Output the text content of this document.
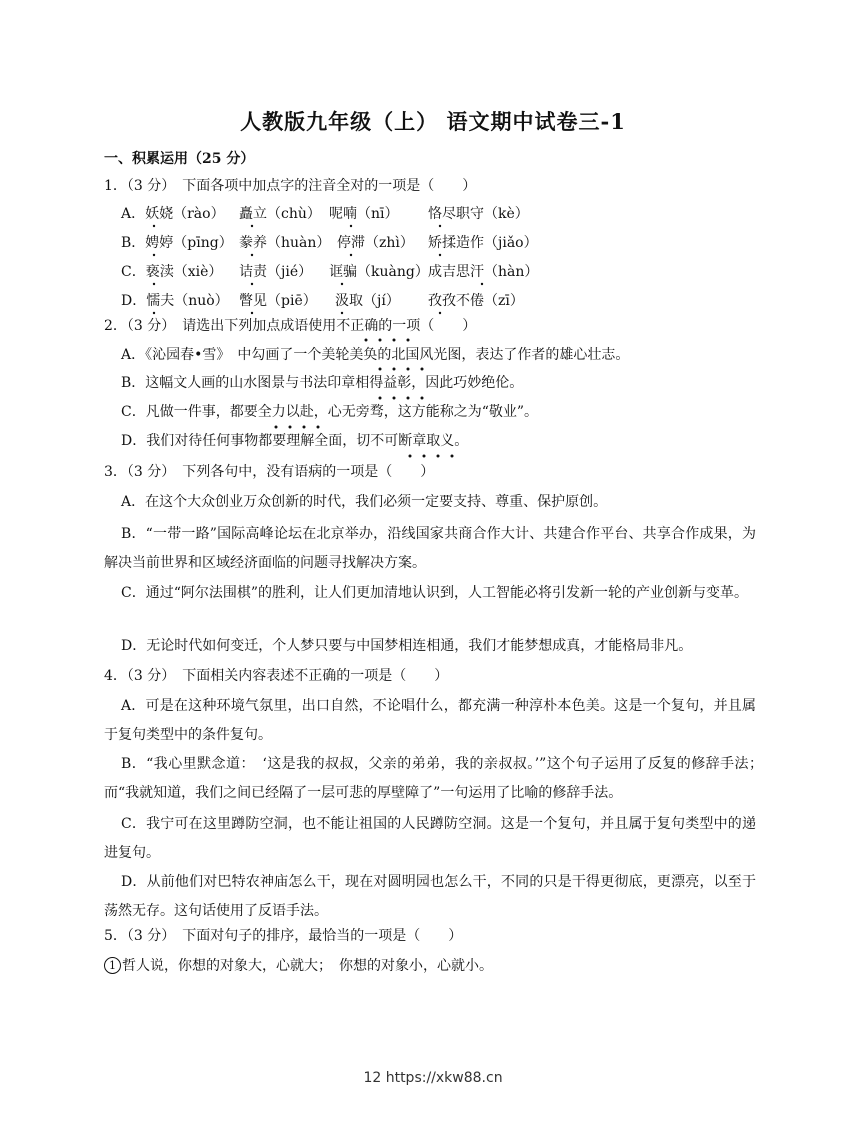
人教版九年级（上） 语文期中试卷三-1
一、积累运用（25 分）
1．（3 分）　下面各项中加点字的注音全对的一项是（　　）
A．妖娆（rào） 矗立（chù） 呢喃（nī） 恪尽职守（kè）
B．娉婷（pīng） 豢养（huàn） 停滞（zhì） 矫揉造作（jiǎo）
C．亵渎（xiè） 诘责（jié） 诓骗（kuàng） 成吉思汗（hàn）
D．懦夫（nuò） 瞥见（piē） 汲取（jí） 孜孜不倦（zī）
2．（3 分）　请选出下列加点成语使用不正确的一项（　　）
A．《沁园春•雪》　中勾画了一个美轮美奂的北国风光图，表达了作者的雄心壮志。
B．这幅文人画的山水图景与书法印章相得益彰，因此巧妙绝伦。
C．凡做一件事，都要全力以赴，心无旁骛，这方能称之为“敬业”。
D．我们对待任何事物都要理解全面，切不可断章取义。
3．（3 分）　下列各句中，没有语病的一项是（　　）
A．在这个大众创业万众创新的时代，我们必须一定要支持、尊重、保护原创。
B．“一带一路”国际高峰论坛在北京举办，沿线国家共商合作大计、共建合作平台、共享合作成果，为解决当前世界和区域经济面临的问题寻找解决方案。
C．通过“阿尔法围棋”的胜利，让人们更加清地认识到，人工智能必将引发新一轮的产业创新与变革。
D．无论时代如何变迁，个人梦只要与中国梦相连相通，我们才能梦想成真，才能格局非凡。
4．（3 分）　下面相关内容表述不正确的一项是（　　）
A．可是在这种环境气氛里，出口自然，不论唱什么，都充满一种淳朴本色美。这是一个复句，并且属于复句类型中的条件复句。
B．“我心里默念道：　‘这是我的叔叔，父亲的弟弟，我的亲叔叔。’”这个句子运用了反复的修辞手法；　而“我就知道，我们之间已经隔了一层可悲的厚壁障了”一句运用了比喻的修辞手法。
C．我宁可在这里蹲防空洞，也不能让祖国的人民蹲防空洞。这是一个复句，并且属于复句类型中的递进复句。
D．从前他们对巴特农神庙怎么干，现在对圆明园也怎么干，不同的只是干得更彻底，更漂亮，以至于荡然无存。这句话使用了反语手法。
5．（3 分）　下面对句子的排序，最恰当的一项是（　　）
1 哲人说，你想的对象大，心就大；　你想的对象小，心就小。
12 https://xkw88.cn
